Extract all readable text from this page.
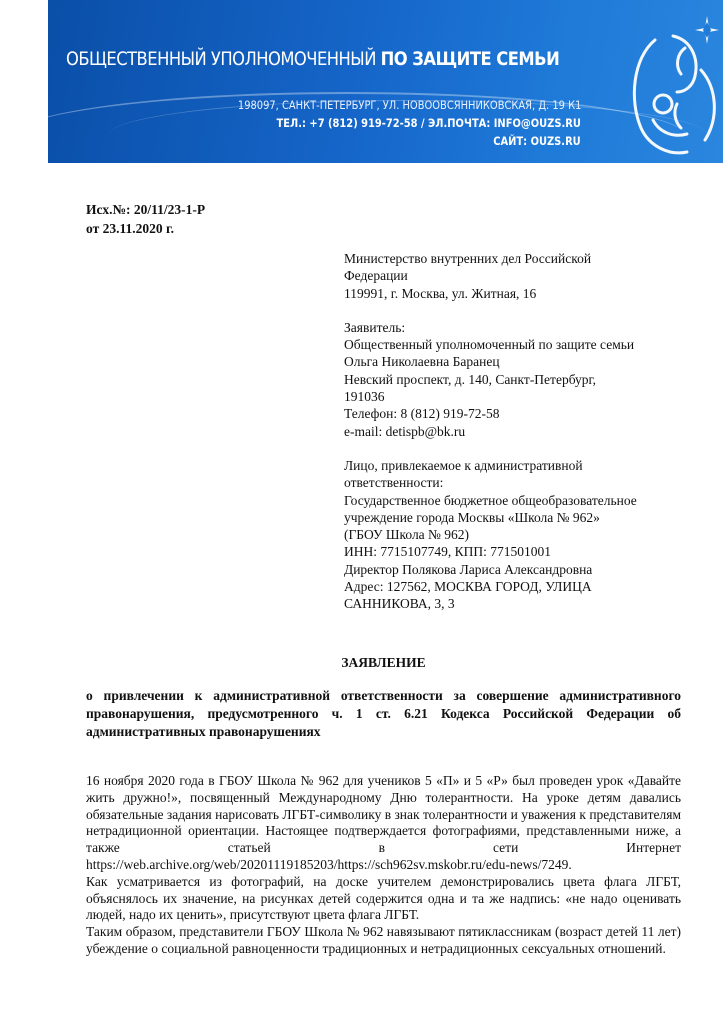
ОБЩЕСТВЕННЫЙ УПОЛНОМОЧЕННЫЙ ПО ЗАЩИТЕ СЕМЬИ
198097, САНКТ-ПЕТЕРБУРГ, УЛ. НОВООВСЯННИКОВСКАЯ, Д. 19 К1
ТЕЛ.: +7 (812) 919-72-58 / ЭЛ.ПОЧТА: INFO@OUZS.RU
САЙТ: OUZS.RU
Исх.№: 20/11/23-1-Р
от 23.11.2020 г.

Министерство внутренних дел Российской
Федерации
119991, г. Москва, ул. Житная, 16

Заявитель:
Общественный уполномоченный по защите семьи
Ольга Николаевна Баранец
Невский проспект, д. 140, Санкт-Петербург,
191036
Телефон: 8 (812) 919-72-58
e-mail: detispb@bk.ru

Лицо, привлекаемое к административной
ответственности:
Государственное бюджетное общеобразовательное
учреждение города Москвы «Школа № 962»
(ГБОУ Школа № 962)
ИНН: 7715107749, КПП: 771501001
Директор Полякова Лариса Александровна
Адрес: 127562, МОСКВА ГОРОД, УЛИЦА
САННИКОВА, 3, 3

ЗАЯВЛЕНИЕ
о привлечении к административной ответственности за совершение административного правонарушения, предусмотренного ч. 1 ст. 6.21 Кодекса Российской Федерации об административных правонарушениях

16 ноября 2020 года в ГБОУ Школа № 962 для учеников 5 «П» и 5 «Р» был проведен урок «Давайте жить дружно!», посвященный Международному Дню толерантности. На уроке детям давались обязательные задания нарисовать ЛГБТ-символику в знак толерантности и уважения к представителям нетрадиционной ориентации. Настоящее подтверждается фотографиями, представленными ниже, а также статьей в сети Интернет https://web.archive.org/web/20201119185203/https://sch962sv.mskobr.ru/edu-news/7249.

Как усматривается из фотографий, на доске учителем демонстрировались цвета флага ЛГБТ, объяснялось их значение, на рисунках детей содержится одна и та же надпись: «не надо оценивать людей, надо их ценить», присутствуют цвета флага ЛГБТ.

Таким образом, представители ГБОУ Школа № 962 навязывают пятиклассникам (возраст детей 11 лет) убеждение о социальной равноценности традиционных и нетрадиционных сексуальных отношений.
